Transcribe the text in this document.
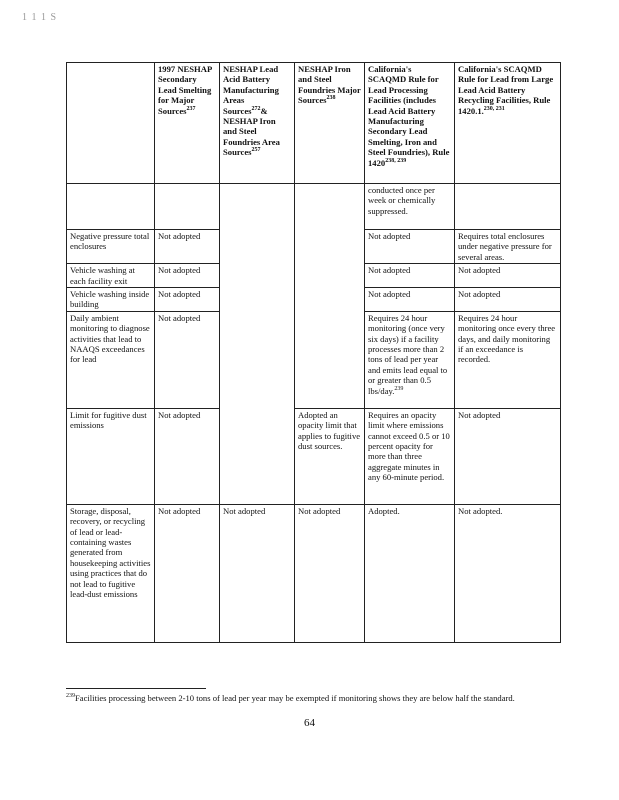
1 1 1 S
	1997 NESHAP Secondary Lead Smelting for Major Sources$^{237}$	NESHAP Lead Acid Battery Manufacturing Areas Sources$^{272}$& NESHAP Iron and Steel Foundries Area Sources$^{257}$	NESHAP Iron and Steel Foundries Major Sources$^{238}$	California's SCAQMD Rule for Lead Processing Facilities (includes Lead Acid Battery Manufacturing Secondary Lead Smelting, Iron and Steel Foundries), Rule 1420$^{238, 239}$	California's SCAQMD Rule for Lead from Large Lead Acid Battery Recycling Facilities, Rule 1420.1.$^{230, 231}$
				conducted once per week or chemically suppressed.	
Negative pressure total enclosures	Not adopted			Not adopted	Requires total enclosures under negative pressure for several areas.
Vehicle washing at each facility exit	Not adopted			Not adopted	Not adopted
Vehicle washing inside building	Not adopted			Not adopted	Not adopted
Daily ambient monitoring to diagnose activities that lead to NAAQS exceedances for lead	Not adopted			Requires 24 hour monitoring (once very six days) if a facility processes more than 2 tons of lead per year and emits lead equal to or greater than 0.5 lbs/day.$^{239}$	Requires 24 hour monitoring once every three days, and daily monitoring if an exceedance is recorded.
Limit for fugitive dust emissions	Not adopted		Adopted an opacity limit that applies to fugitive dust sources.	Requires an opacity limit where emissions cannot exceed 0.5 or 10 percent opacity for more than three aggregate minutes in any 60-minute period.	Not adopted
Storage, disposal, recovery, or recycling of lead or lead-containing wastes generated from housekeeping activities using practices that do not lead to fugitive lead-dust emissions	Not adopted	Not adopted	Not adopted	Adopted.	Not adopted.
$^{239}$Facilities processing between 2-10 tons of lead per year may be exempted if monitoring shows they are below half the standard.
64
